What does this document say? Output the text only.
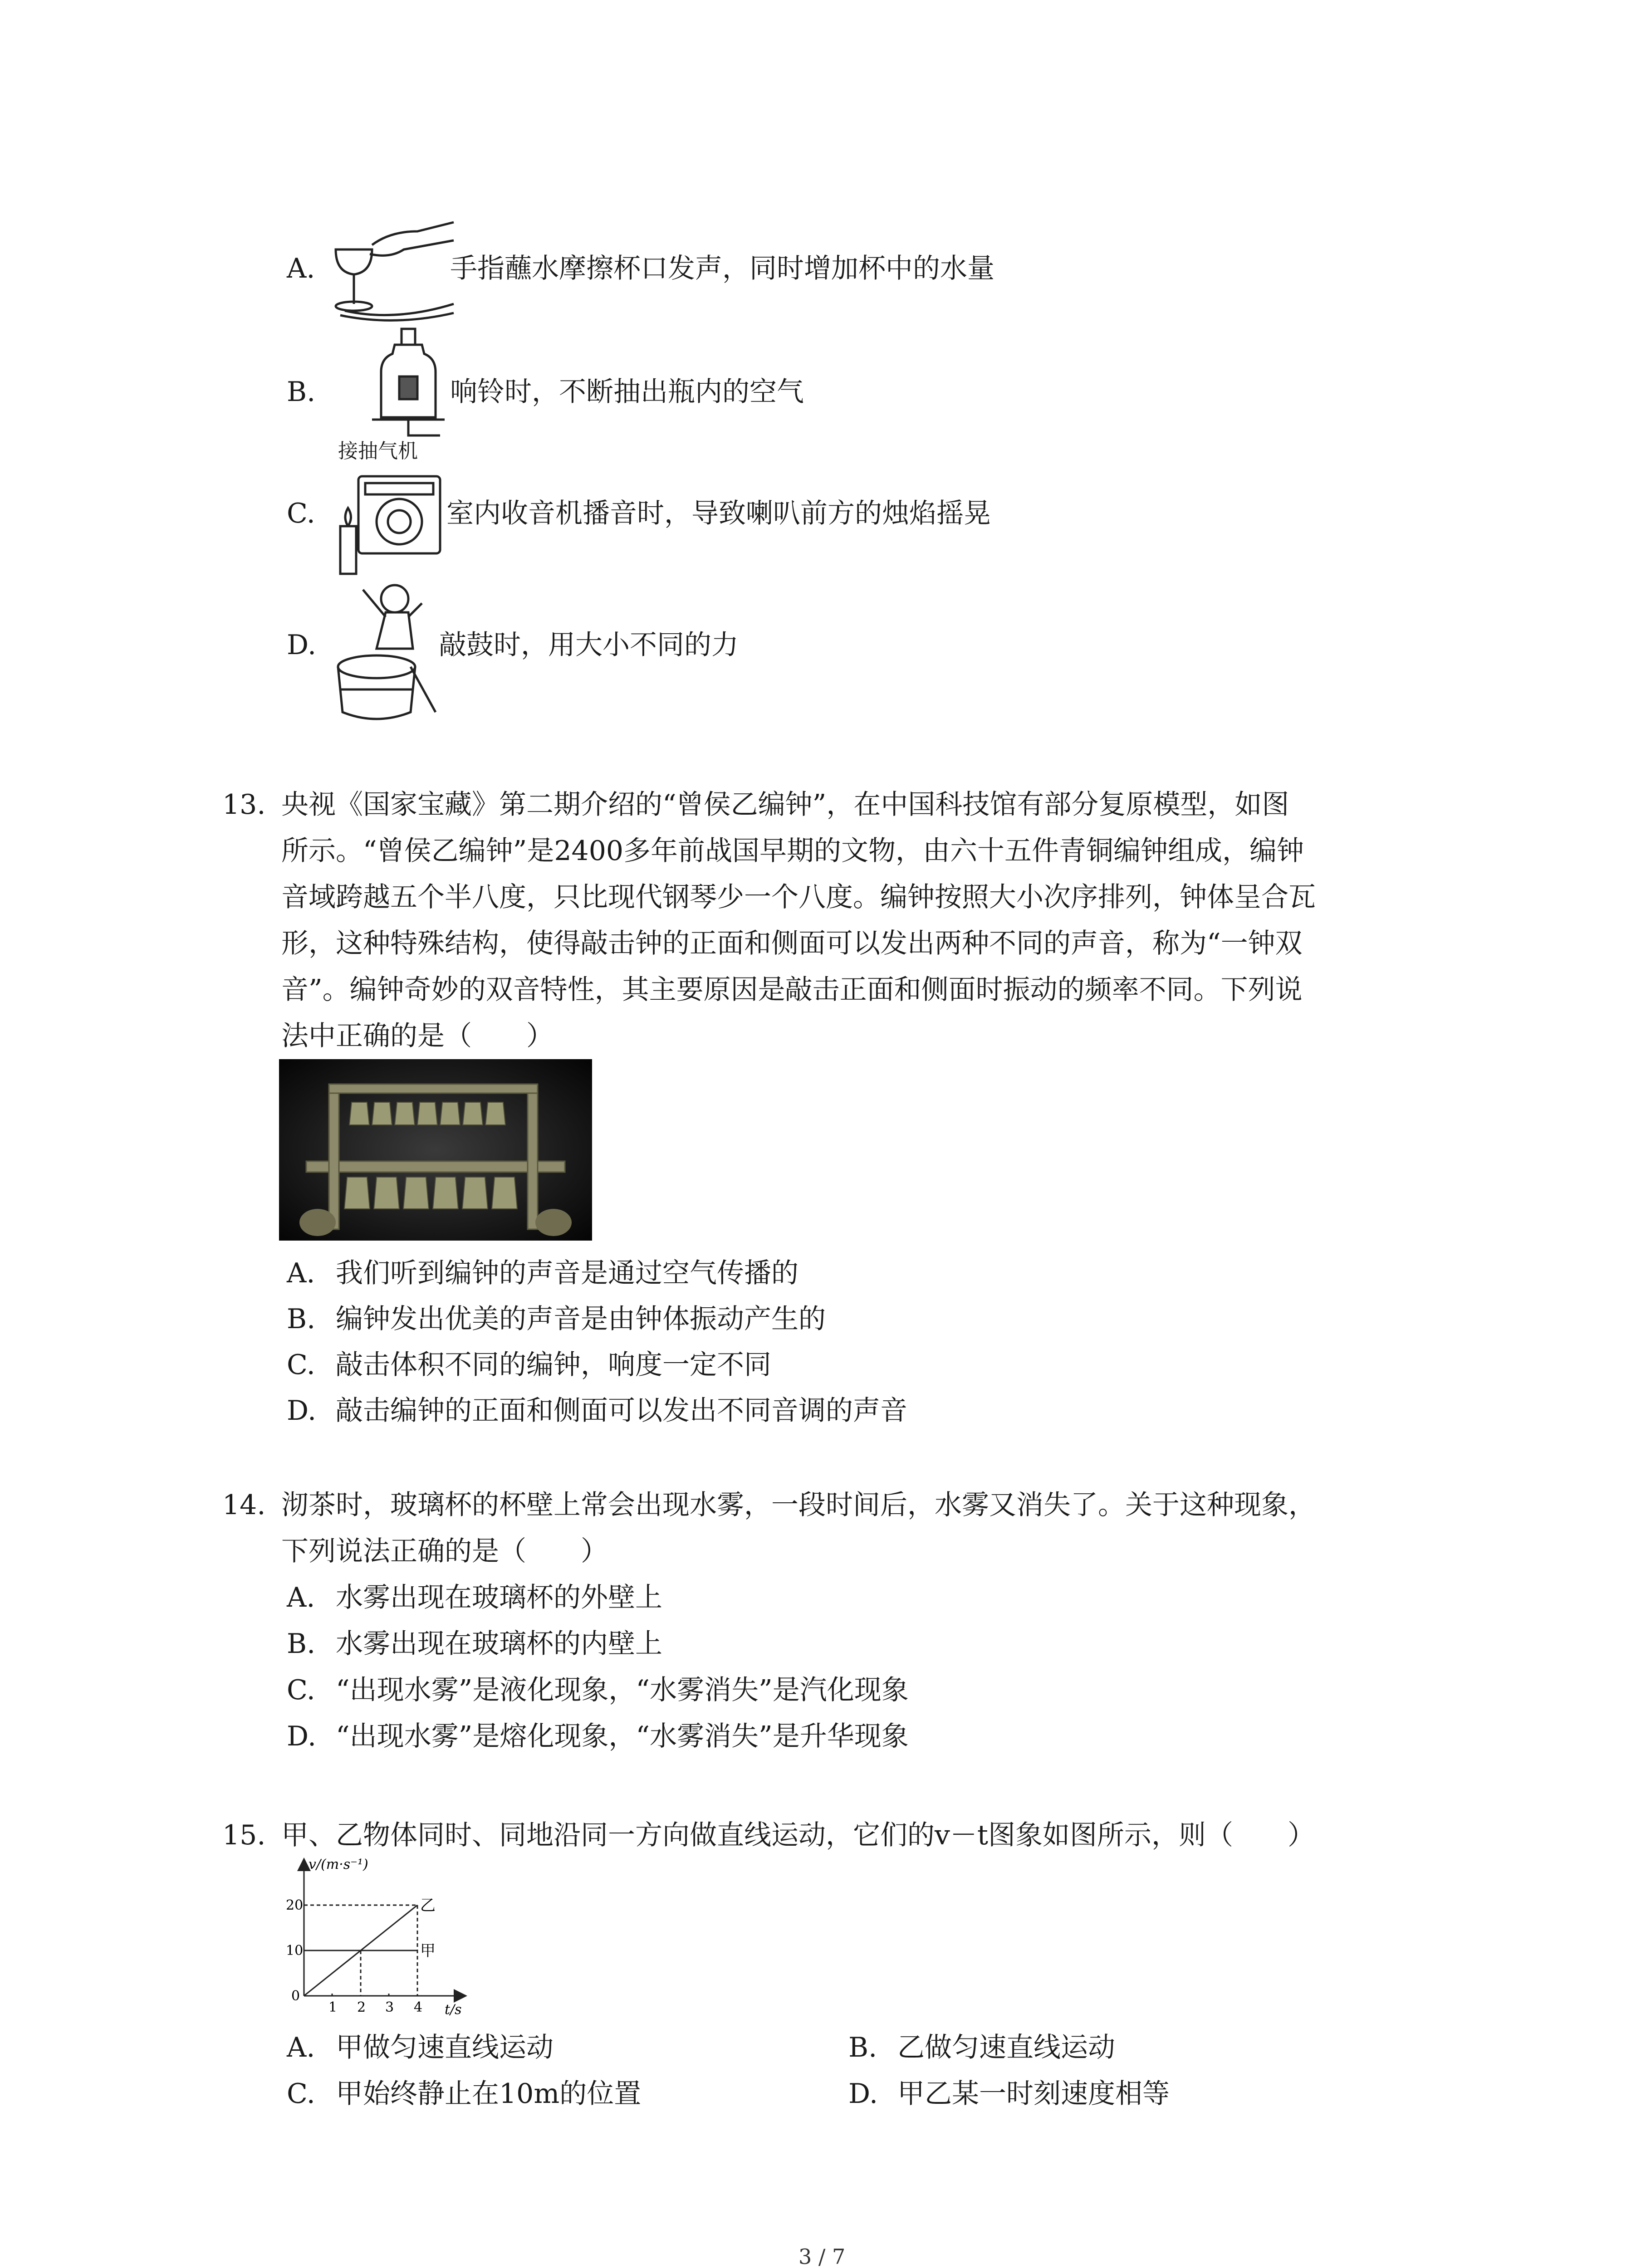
A.	手指蘸水摩擦杯口发声，同时增加杯中的水量
接抽气机
B.	响铃时，不断抽出瓶内的空气
C.	室内收音机播音时，导致喇叭前方的烛焰摇晃
D.	敲鼓时，用大小不同的力
13. 央视《国家宝藏》第二期介绍的“曾侯乙编钟”，在中国科技馆有部分复原模型，如图
所示。“曾侯乙编钟”是2400多年前战国早期的文物，由六十五件青铜编钟组成，编钟
音域跨越五个半八度，只比现代钢琴少一个八度。编钟按照大小次序排列，钟体呈合瓦
形，这种特殊结构，使得敲击钟的正面和侧面可以发出两种不同的声音，称为“一钟双
音”。编钟奇妙的双音特性，其主要原因是敲击正面和侧面时振动的频率不同。下列说
法中正确的是（　　）
A. 我们听到编钟的声音是通过空气传播的
B. 编钟发出优美的声音是由钟体振动产生的
C. 敲击体积不同的编钟，响度一定不同
D. 敲击编钟的正面和侧面可以发出不同音调的声音
14. 沏茶时，玻璃杯的杯壁上常会出现水雾，一段时间后，水雾又消失了。关于这种现象，
下列说法正确的是（　　）
A. 水雾出现在玻璃杯的外壁上
B. 水雾出现在玻璃杯的内壁上
C. “出现水雾”是液化现象，“水雾消失”是汽化现象
D. “出现水雾”是熔化现象，“水雾消失”是升华现象
15. 甲、乙物体同时、同地沿同一方向做直线运动，它们的v－t图象如图所示，则（　　）
v/(m·s⁻¹)
t/s
20
10
0
1 2 3 4
乙
甲
A. 甲做匀速直线运动	B. 乙做匀速直线运动
C. 甲始终静止在10m的位置	D. 甲乙某一时刻速度相等
3 / 7
